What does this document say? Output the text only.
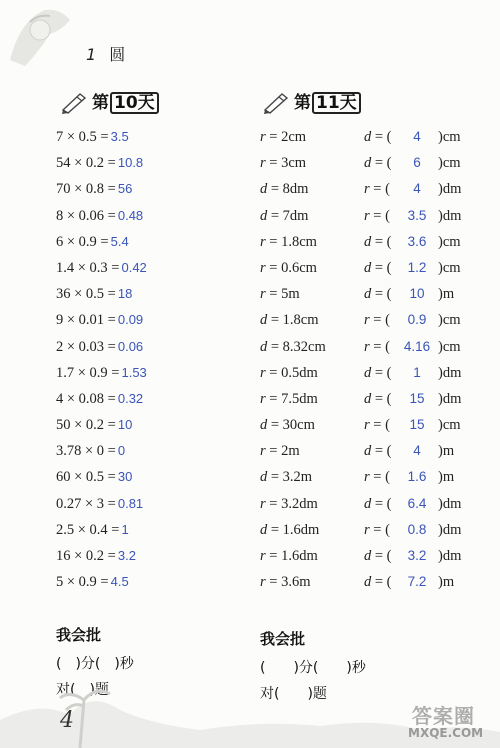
1 圆
第 10天	第 11天
7 × 0.5 = 3.5
54 × 0.2 = 10.8
70 × 0.8 = 56
8 × 0.06 = 0.48
6 × 0.9 = 5.4
1.4 × 0.3 = 0.42
36 × 0.5 = 18
9 × 0.01 = 0.09
2 × 0.03 = 0.06
1.7 × 0.9 = 1.53
4 × 0.08 = 0.32
50 × 0.2 = 10
3.78 × 0 = 0
60 × 0.5 = 30
0.27 × 3 = 0.81
2.5 × 0.4 = 1
16 × 0.2 = 3.2
5 × 0.9 = 4.5
r = 2cm	d = (	4	)cm
r = 3cm	d = (	6	)cm
d = 8dm	r = (	4	)dm
d = 7dm	r = (	3.5 )dm
r = 1.8cm	d = (	3.6 )cm
r = 0.6cm	d = (	1.2 )cm
r = 5m	d = (	10 )m
d = 1.8cm	r = (	0.9 )cm
d = 8.32cm	r = (	4.16 )cm
r = 0.5dm	d = (	1	)dm
r = 7.5dm	d = (	15 )dm
d = 30cm	r = (	15 )cm
r = 2m	d = (	4	)m
d = 3.2m	r = (	1.6 )m
r = 3.2dm	d = (	6.4 )dm
d = 1.6dm	r = (	0.8 )dm
r = 1.6dm	d = (	3.2 )dm
r = 3.6m	d = (	7.2 )m
我会批
(　)分(　)秒
对(　)题
我会批
(　　)分(　　)秒
对(　　)题
4	答案圈
MXQE.COM
